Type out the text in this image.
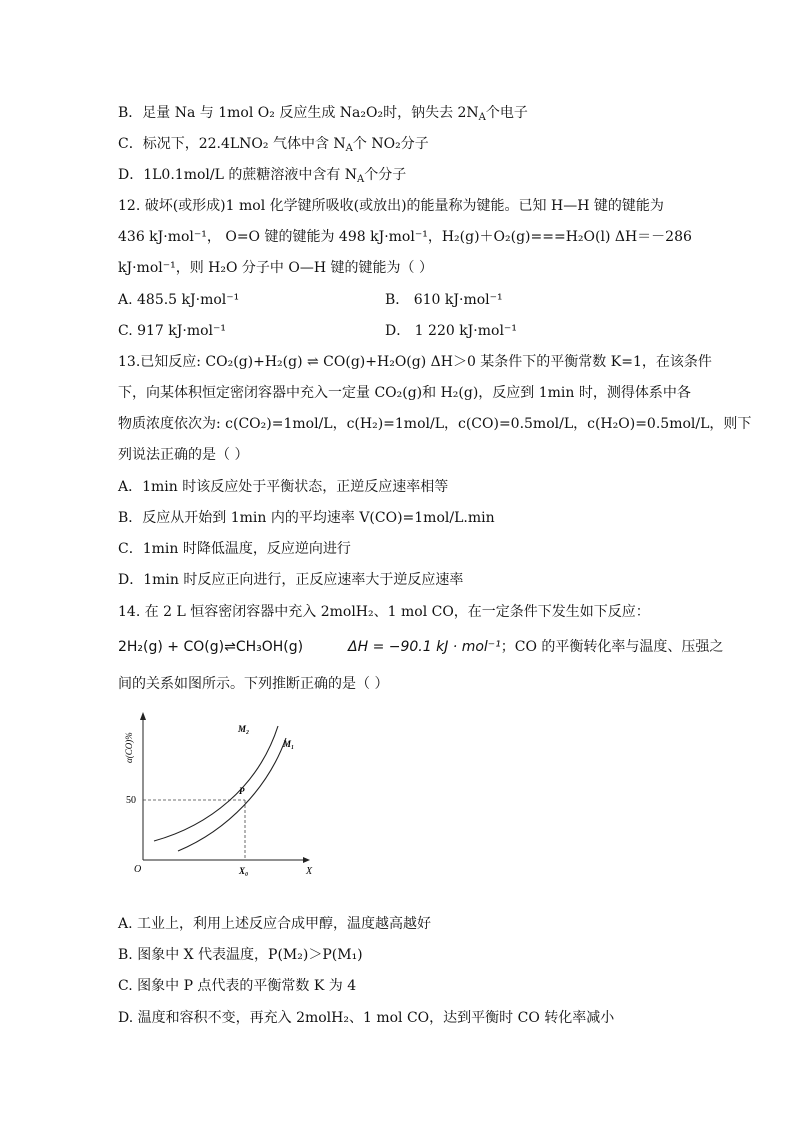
B．足量 Na 与 1mol O₂ 反应生成 Na₂O₂时，钠失去 $2N_A$个电子
C．标况下，22.4LNO₂ 气体中含 $N_A$个 NO₂分子
D．1L0.1mol/L 的蔗糖溶液中含有 $N_A$个分子
12. 破坏(或形成)1 mol 化学键所吸收(或放出)的能量称为键能。已知 H—H 键的键能为
436 kJ·mol⁻¹， O=O 键的键能为 498 kJ·mol⁻¹，H₂(g)＋O₂(g)===H₂O(l) ΔH＝－286
kJ·mol⁻¹，则 H₂O 分子中 O—H 键的键能为（ ）
A. 485.5 kJ·mol⁻¹	B． 610 kJ·mol⁻¹
C. 917 kJ·mol⁻¹	D． 1 220 kJ·mol⁻¹
13.已知反应: CO₂(g)+H₂(g) ⇌ CO(g)+H₂O(g) ΔH＞0 某条件下的平衡常数 K=1，在该条件
下，向某体积恒定密闭容器中充入一定量 CO₂(g)和 H₂(g)，反应到 1min 时，测得体系中各
物质浓度依次为: c(CO₂)=1mol/L，c(H₂)=1mol/L，c(CO)=0.5mol/L，c(H₂O)=0.5mol/L，则下
列说法正确的是（ ）
A．1min 时该反应处于平衡状态，正逆反应速率相等
B．反应从开始到 1min 内的平均速率 V(CO)=1mol/L.min
C．1min 时降低温度，反应逆向进行
D．1min 时反应正向进行，正反应速率大于逆反应速率
14. 在 2 L 恒容密闭容器中充入 2molH₂、1 mol CO，在一定条件下发生如下反应：
2H₂(g) + CO(g)⇌CH₃OH(g)	ΔH = −90.1 kJ · mol⁻¹；CO 的平衡转化率与温度、压强之
间的关系如图所示。下列推断正确的是（ ）
α(CO)%
50
O	X₀	X
P
M₂
M₁
A. 工业上，利用上述反应合成甲醇，温度越高越好
B. 图象中 X 代表温度，P(M₂)＞P(M₁)
C. 图象中 P 点代表的平衡常数 K 为 4
D. 温度和容积不变，再充入 2molH₂、1 mol CO，达到平衡时 CO 转化率减小
